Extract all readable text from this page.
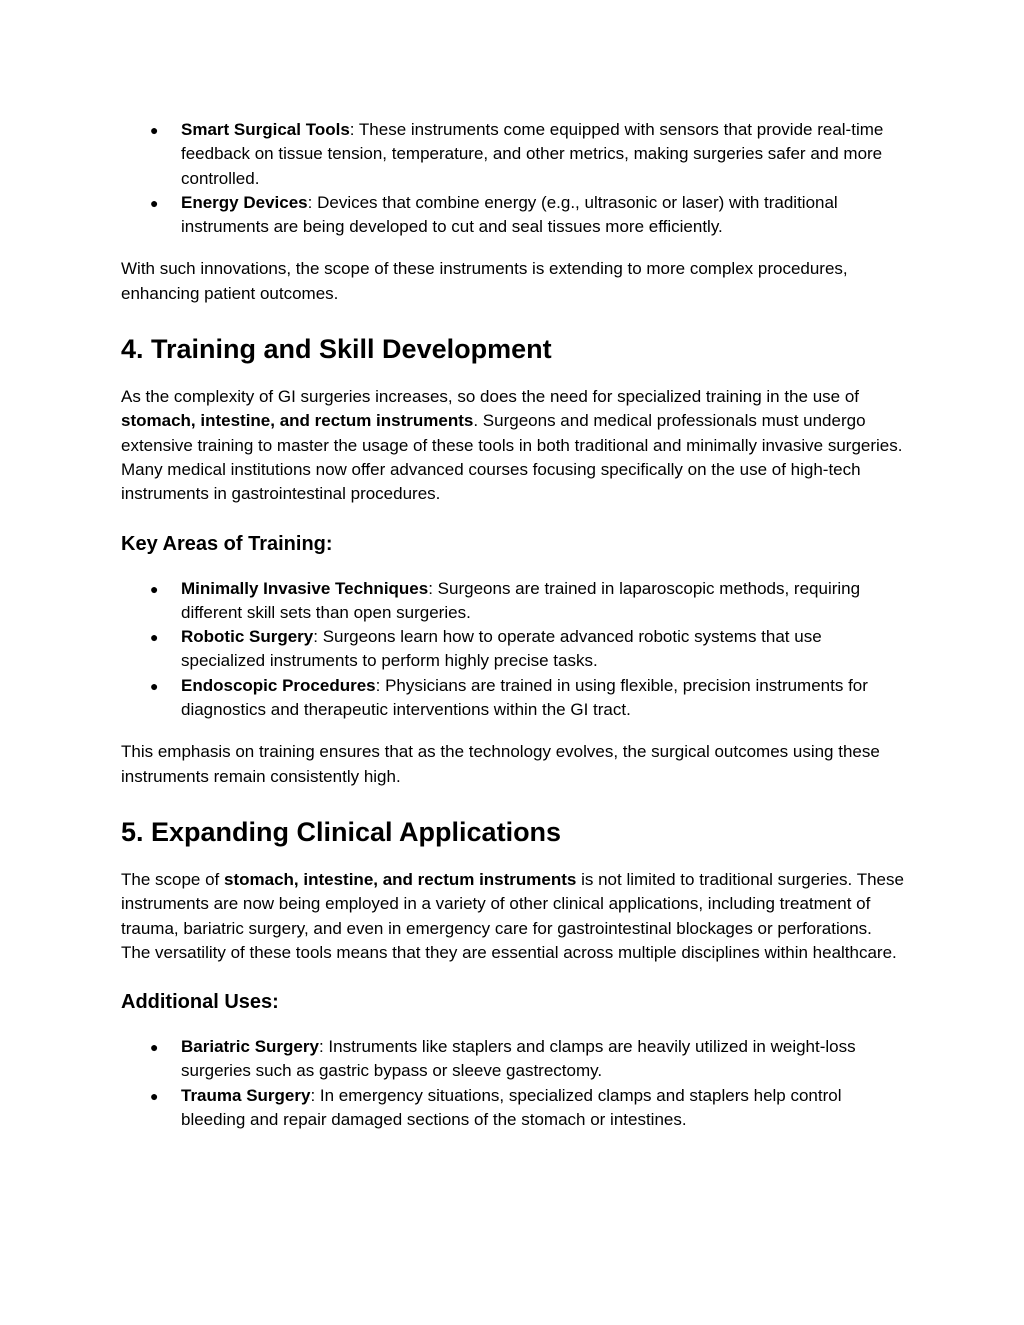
● Smart Surgical Tools: These instruments come equipped with sensors that provide real-time feedback on tissue tension, temperature, and other metrics, making surgeries safer and more controlled.
● Energy Devices: Devices that combine energy (e.g., ultrasonic or laser) with traditional instruments are being developed to cut and seal tissues more efficiently.

With such innovations, the scope of these instruments is extending to more complex procedures, enhancing patient outcomes.

4. Training and Skill Development

As the complexity of GI surgeries increases, so does the need for specialized training in the use of stomach, intestine, and rectum instruments. Surgeons and medical professionals must undergo extensive training to master the usage of these tools in both traditional and minimally invasive surgeries. Many medical institutions now offer advanced courses focusing specifically on the use of high-tech instruments in gastrointestinal procedures.

Key Areas of Training:
● Minimally Invasive Techniques: Surgeons are trained in laparoscopic methods, requiring different skill sets than open surgeries.
● Robotic Surgery: Surgeons learn how to operate advanced robotic systems that use specialized instruments to perform highly precise tasks.
● Endoscopic Procedures: Physicians are trained in using flexible, precision instruments for diagnostics and therapeutic interventions within the GI tract.

This emphasis on training ensures that as the technology evolves, the surgical outcomes using these instruments remain consistently high.

5. Expanding Clinical Applications

The scope of stomach, intestine, and rectum instruments is not limited to traditional surgeries. These instruments are now being employed in a variety of other clinical applications, including treatment of trauma, bariatric surgery, and even in emergency care for gastrointestinal blockages or perforations. The versatility of these tools means that they are essential across multiple disciplines within healthcare.

Additional Uses:
● Bariatric Surgery: Instruments like staplers and clamps are heavily utilized in weight-loss surgeries such as gastric bypass or sleeve gastrectomy.
● Trauma Surgery: In emergency situations, specialized clamps and staplers help control bleeding and repair damaged sections of the stomach or intestines.
